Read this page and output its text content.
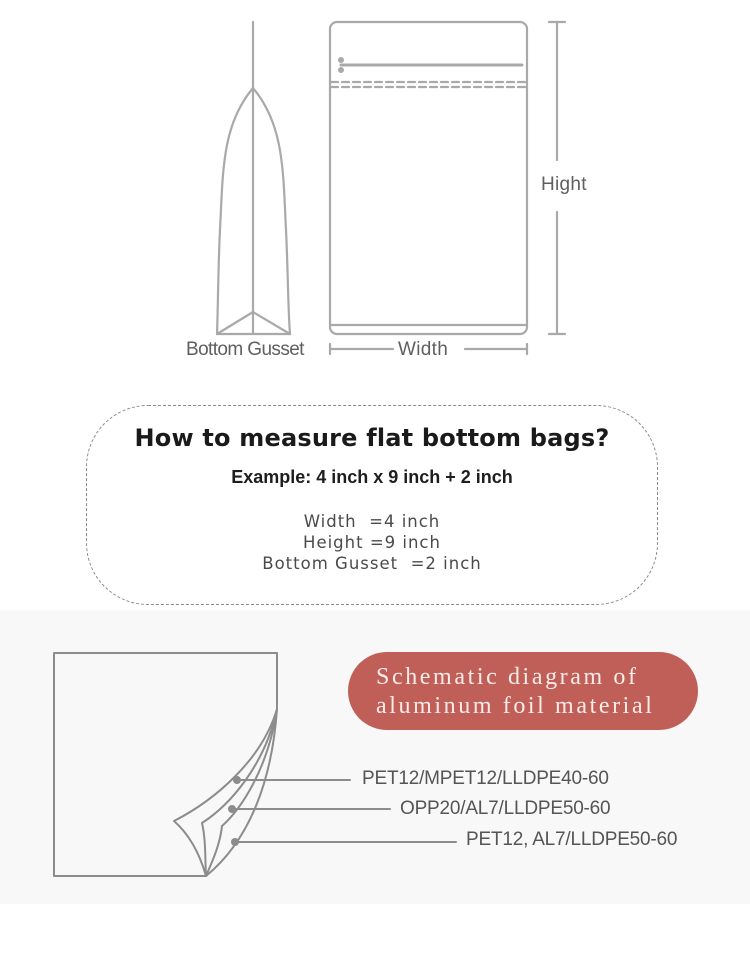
Bottom Gusset	Width
Hight
How to measure flat bottom bags?
Example: 4 inch x 9 inch + 2 inch
Width  =4 inch
Height =9 inch
Bottom Gusset  =2 inch
Schematic diagram of
aluminum foil material
PET12/MPET12/LLDPE40-60
OPP20/AL7/LLDPE50-60
PET12, AL7/LLDPE50-60
